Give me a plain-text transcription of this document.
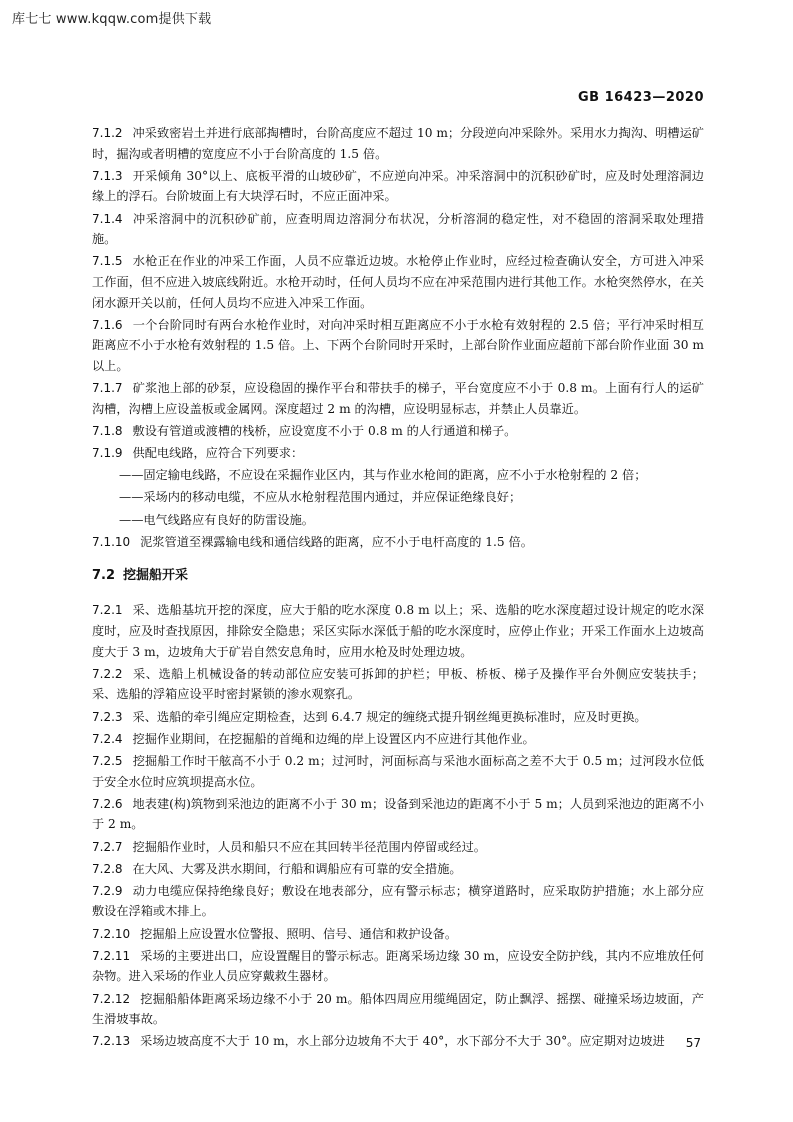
库七七 www.kqqw.com提供下载
GB 16423—2020
7.1.2 冲采致密岩土并进行底部掏槽时，台阶高度应不超过 10 m；分段逆向冲采除外。采用水力掏沟、明槽运矿时，掘沟或者明槽的宽度应不小于台阶高度的 1.5 倍。
7.1.3 开采倾角 30°以上、底板平滑的山坡砂矿，不应逆向冲采。冲采溶洞中的沉积砂矿时，应及时处理溶洞边缘上的浮石。台阶坡面上有大块浮石时，不应正面冲采。
7.1.4 冲采溶洞中的沉积砂矿前，应查明周边溶洞分布状况，分析溶洞的稳定性，对不稳固的溶洞采取处理措施。
7.1.5 水枪正在作业的冲采工作面，人员不应靠近边坡。水枪停止作业时，应经过检查确认安全，方可进入冲采工作面，但不应进入坡底线附近。水枪开动时，任何人员均不应在冲采范围内进行其他工作。水枪突然停水，在关闭水源开关以前，任何人员均不应进入冲采工作面。
7.1.6 一个台阶同时有两台水枪作业时，对向冲采时相互距离应不小于水枪有效射程的 2.5 倍；平行冲采时相互距离应不小于水枪有效射程的 1.5 倍。上、下两个台阶同时开采时，上部台阶作业面应超前下部台阶作业面 30 m 以上。
7.1.7 矿浆池上部的砂泵，应设稳固的操作平台和带扶手的梯子，平台宽度应不小于 0.8 m。上面有行人的运矿沟槽，沟槽上应设盖板或金属网。深度超过 2 m 的沟槽，应设明显标志，并禁止人员靠近。
7.1.8 敷设有管道或渡槽的栈桥，应设宽度不小于 0.8 m 的人行通道和梯子。
7.1.9 供配电线路，应符合下列要求：
——固定输电线路，不应设在采掘作业区内，其与作业水枪间的距离，应不小于水枪射程的 2 倍；
——采场内的移动电缆，不应从水枪射程范围内通过，并应保证绝缘良好；
——电气线路应有良好的防雷设施。
7.1.10 泥浆管道至裸露输电线和通信线路的距离，应不小于电杆高度的 1.5 倍。
7.2 挖掘船开采
7.2.1 采、选船基坑开挖的深度，应大于船的吃水深度 0.8 m 以上；采、选船的吃水深度超过设计规定的吃水深度时，应及时查找原因，排除安全隐患；采区实际水深低于船的吃水深度时，应停止作业；开采工作面水上边坡高度大于 3 m，边坡角大于矿岩自然安息角时，应用水枪及时处理边坡。
7.2.2 采、选船上机械设备的转动部位应安装可拆卸的护栏；甲板、桥板、梯子及操作平台外侧应安装扶手；采、选船的浮箱应设平时密封紧锁的渗水观察孔。
7.2.3 采、选船的牵引绳应定期检查，达到 6.4.7 规定的缠绕式提升钢丝绳更换标准时，应及时更换。
7.2.4 挖掘作业期间，在挖掘船的首绳和边绳的岸上设置区内不应进行其他作业。
7.2.5 挖掘船工作时干舷高不小于 0.2 m；过河时，河面标高与采池水面标高之差不大于 0.5 m；过河段水位低于安全水位时应筑坝提高水位。
7.2.6 地表建(构)筑物到采池边的距离不小于 30 m；设备到采池边的距离不小于 5 m；人员到采池边的距离不小于 2 m。
7.2.7 挖掘船作业时，人员和船只不应在其回转半径范围内停留或经过。
7.2.8 在大风、大雾及洪水期间，行船和调船应有可靠的安全措施。
7.2.9 动力电缆应保持绝缘良好；敷设在地表部分，应有警示标志；横穿道路时，应采取防护措施；水上部分应敷设在浮箱或木排上。
7.2.10 挖掘船上应设置水位警报、照明、信号、通信和救护设备。
7.2.11 采场的主要进出口，应设置醒目的警示标志。距离采场边缘 30 m，应设安全防护线，其内不应堆放任何杂物。进入采场的作业人员应穿戴救生器材。
7.2.12 挖掘船船体距离采场边缘不小于 20 m。船体四周应用缆绳固定，防止飘浮、摇摆、碰撞采场边坡面，产生滑坡事故。
7.2.13 采场边坡高度不大于 10 m，水上部分边坡角不大于 40°，水下部分不大于 30°。应定期对边坡进	57
